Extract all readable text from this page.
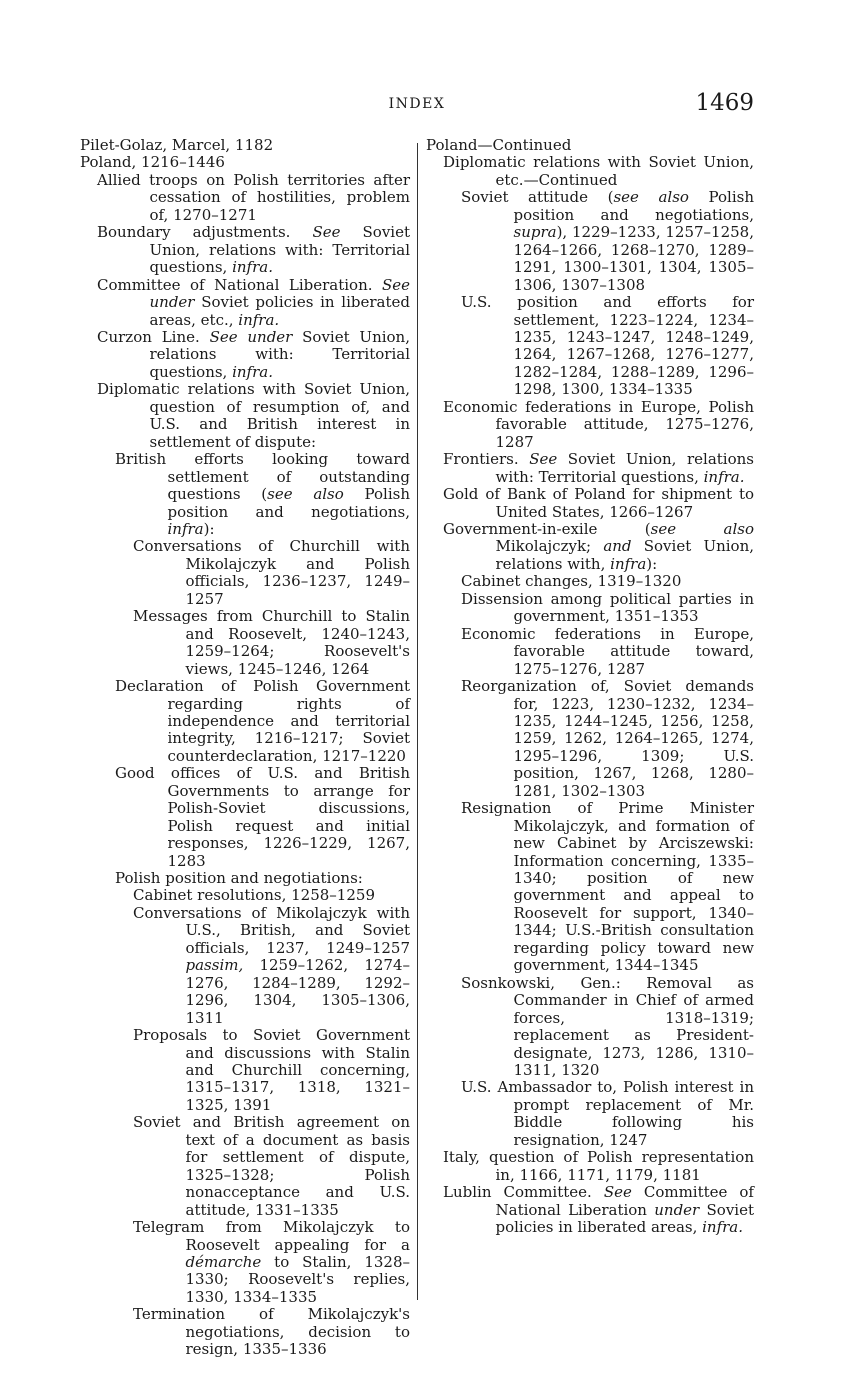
INDEX	1469

Pilet-Golaz, Marcel, 1182

Poland, 1216–1446

Allied troops on Polish territories after cessation of hostilities, problem of, 1270–1271

Boundary adjustments. See Soviet Union, relations with: Territorial questions, infra.

Committee of National Liberation. See under Soviet policies in liberated areas, etc., infra.

Curzon Line. See under Soviet Union, relations with: Territorial questions, infra.

Diplomatic relations with Soviet Union, question of resumption of, and U.S. and British interest in settlement of dispute:

British efforts looking toward settlement of outstanding questions (see also Polish position and negotiations, infra):

Conversations of Churchill with Mikolajczyk and Polish officials, 1236–1237, 1249–1257

Messages from Churchill to Stalin and Roosevelt, 1240–1243, 1259–1264; Roosevelt's views, 1245–1246, 1264

Declaration of Polish Government regarding rights of independence and territorial integrity, 1216–1217; Soviet counterdeclaration, 1217–1220

Good offices of U.S. and British Governments to arrange for Polish-Soviet discussions, Polish request and initial responses, 1226–1229, 1267, 1283

Polish position and negotiations:

Cabinet resolutions, 1258–1259

Conversations of Mikolajczyk with U.S., British, and Soviet officials, 1237, 1249–1257 passim, 1259–1262, 1274–1276, 1284–1289, 1292–1296, 1304, 1305–1306, 1311

Proposals to Soviet Government and discussions with Stalin and Churchill concerning, 1315–1317, 1318, 1321–1325, 1391

Soviet and British agreement on text of a document as basis for settlement of dispute, 1325–1328; Polish nonacceptance and U.S. attitude, 1331–1335

Telegram from Mikolajczyk to Roosevelt appealing for a démarche to Stalin, 1328–1330; Roosevelt's replies, 1330, 1334–1335

Termination of Mikolajczyk's negotiations, decision to resign, 1335–1336

Poland—Continued

Diplomatic relations with Soviet Union, etc.—Continued

Soviet attitude (see also Polish position and negotiations, supra), 1229–1233, 1257–1258, 1264–1266, 1268–1270, 1289–1291, 1300–1301, 1304, 1305–1306, 1307–1308

U.S. position and efforts for settlement, 1223–1224, 1234–1235, 1243–1247, 1248–1249, 1264, 1267–1268, 1276–1277, 1282–1284, 1288–1289, 1296–1298, 1300, 1334–1335

Economic federations in Europe, Polish favorable attitude, 1275–1276, 1287

Frontiers. See Soviet Union, relations with: Territorial questions, infra.

Gold of Bank of Poland for shipment to United States, 1266–1267

Government-in-exile (see also Mikolajczyk; and Soviet Union, relations with, infra):

Cabinet changes, 1319–1320

Dissension among political parties in government, 1351–1353

Economic federations in Europe, favorable attitude toward, 1275–1276, 1287

Reorganization of, Soviet demands for, 1223, 1230–1232, 1234–1235, 1244–1245, 1256, 1258, 1259, 1262, 1264–1265, 1274, 1295–1296, 1309; U.S. position, 1267, 1268, 1280–1281, 1302–1303

Resignation of Prime Minister Mikolajczyk, and formation of new Cabinet by Arciszewski: Information concerning, 1335–1340; position of new government and appeal to Roosevelt for support, 1340–1344; U.S.-British consultation regarding policy toward new government, 1344–1345

Sosnkowski, Gen.: Removal as Commander in Chief of armed forces, 1318–1319; replacement as President-designate, 1273, 1286, 1310–1311, 1320

U.S. Ambassador to, Polish interest in prompt replacement of Mr. Biddle following his resignation, 1247

Italy, question of Polish representation in, 1166, 1171, 1179, 1181

Lublin Committee. See Committee of National Liberation under Soviet policies in liberated areas, infra.
